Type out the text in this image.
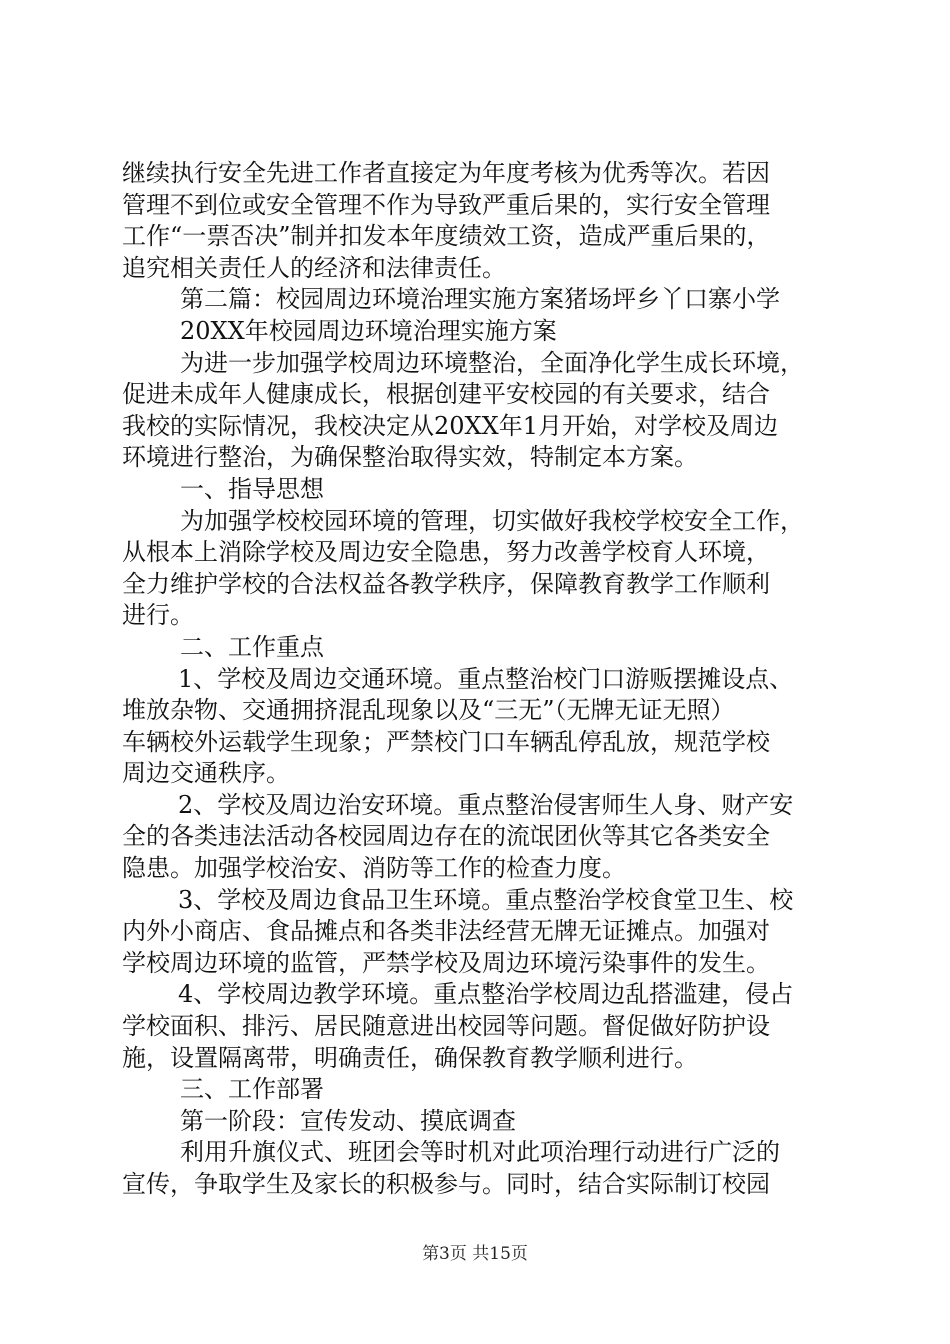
继续执行安全先进工作者直接定为年度考核为优秀等次。若因
管理不到位或安全管理不作为导致严重后果的，实行安全管理
工作“一票否决”制并扣发本年度绩效工资，造成严重后果的，
追究相关责任人的经济和法律责任。
第二篇：校园周边环境治理实施方案猪场坪乡丫口寨小学
20XX年校园周边环境治理实施方案
为进一步加强学校周边环境整治，全面净化学生成长环境，
促进未成年人健康成长，根据创建平安校园的有关要求，结合
我校的实际情况，我校决定从20XX年1月开始，对学校及周边
环境进行整治，为确保整治取得实效，特制定本方案。
一、指导思想
为加强学校校园环境的管理，切实做好我校学校安全工作，
从根本上消除学校及周边安全隐患，努力改善学校育人环境，
全力维护学校的合法权益各教学秩序，保障教育教学工作顺利
进行。
二、工作重点
1、学校及周边交通环境。重点整治校门口游贩摆摊设点、
堆放杂物、交通拥挤混乱现象以及“三无”（无牌无证无照）
车辆校外运载学生现象；严禁校门口车辆乱停乱放，规范学校
周边交通秩序。
2、学校及周边治安环境。重点整治侵害师生人身、财产安
全的各类违法活动各校园周边存在的流氓团伙等其它各类安全
隐患。加强学校治安、消防等工作的检查力度。
3、学校及周边食品卫生环境。重点整治学校食堂卫生、校
内外小商店、食品摊点和各类非法经营无牌无证摊点。加强对
学校周边环境的监管，严禁学校及周边环境污染事件的发生。
4、学校周边教学环境。重点整治学校周边乱搭滥建，侵占
学校面积、排污、居民随意进出校园等问题。督促做好防护设
施，设置隔离带，明确责任，确保教育教学顺利进行。
三、工作部署
第一阶段：宣传发动、摸底调查
利用升旗仪式、班团会等时机对此项治理行动进行广泛的
宣传，争取学生及家长的积极参与。同时，结合实际制订校园
第3页 共15页
